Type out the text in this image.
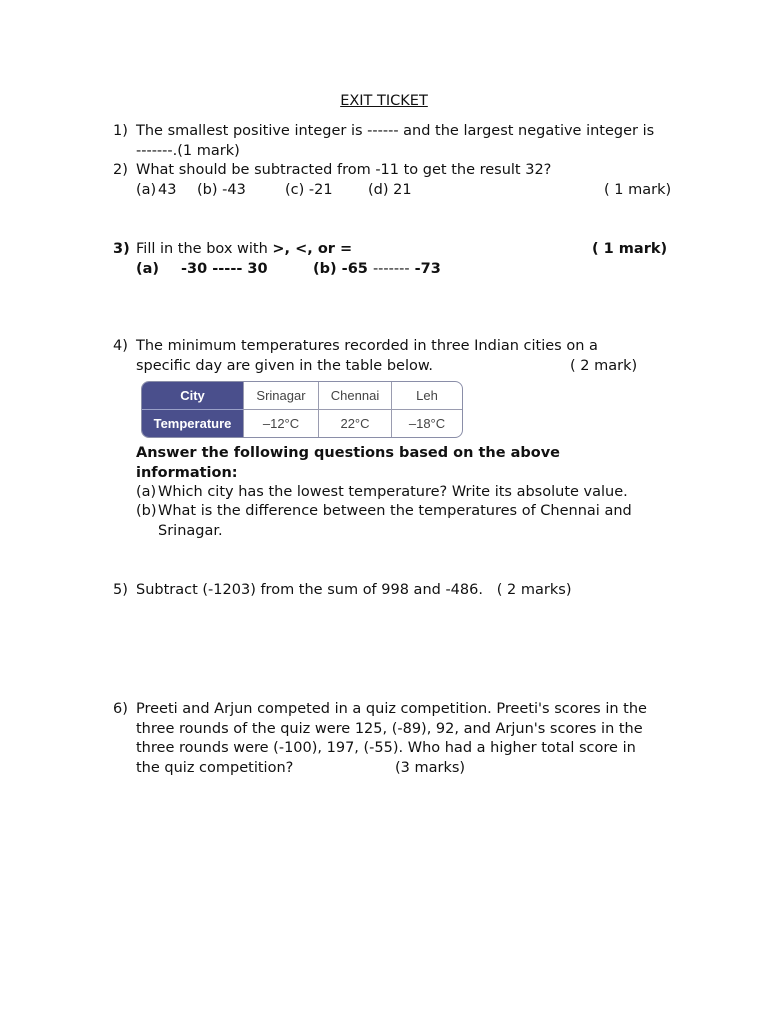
EXIT TICKET
1) The smallest positive integer is ------ and the largest negative integer is
-------.(1 mark)
2) What should be subtracted from -11 to get the result 32?
(a) 43 (b) -43	(c) -21 (d) 21	( 1 mark)
3) Fill in the box with >, <, or =	( 1 mark)
(a) -30 ----- 30	(b) -65 ------- -73
4) The minimum temperatures recorded in three Indian cities on a
specific day are given in the table below.	( 2 mark)
City	Srinagar	Chennai	Leh
Temperature	–12°C	22°C	–18°C
Answer the following questions based on the above
information:
(a) Which city has the lowest temperature? Write its absolute value.
(b) What is the difference between the temperatures of Chennai and
Srinagar.
5) Subtract (-1203) from the sum of 998 and -486.   ( 2 marks)
6) Preeti and Arjun competed in a quiz competition. Preeti's scores in the
three rounds of the quiz were 125, (-89), 92, and Arjun's scores in the
three rounds were (-100), 197, (-55). Who had a higher total score in
the quiz competition?	(3 marks)
